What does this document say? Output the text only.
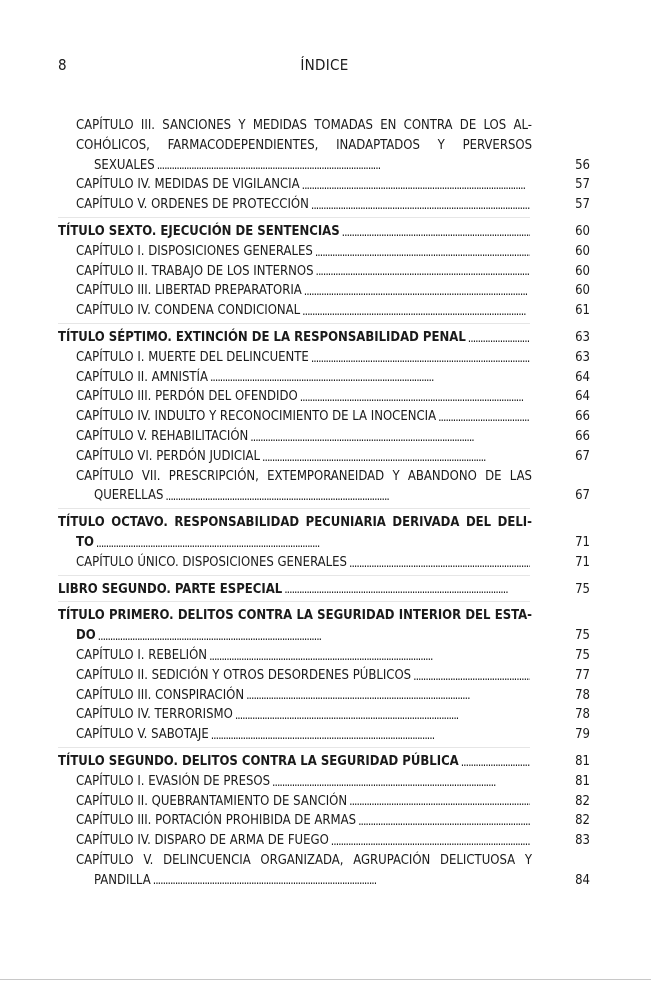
8	ÍNDICE
CAPÍTULO III. SANCIONES Y MEDIDAS TOMADAS EN CONTRA DE LOS AL-
COHÓLICOS, FARMACODEPENDIENTES, INADAPTADOS Y PERVERSOS
SEXUALES . . .	56
CAPÍTULO IV. MEDIDAS DE VIGILANCIA . . .	57
CAPÍTULO V. ORDENES DE PROTECCIÓN . . .	57
TÍTULO SEXTO. EJECUCIÓN DE SENTENCIAS . . .	60
CAPÍTULO I. DISPOSICIONES GENERALES . . .	60
CAPÍTULO II. TRABAJO DE LOS INTERNOS . . .	60
CAPÍTULO III. LIBERTAD PREPARATORIA . . .	60
CAPÍTULO IV. CONDENA CONDICIONAL . . .	61
TÍTULO SÉPTIMO. EXTINCIÓN DE LA RESPONSABILIDAD PENAL . . .	63
CAPÍTULO I. MUERTE DEL DELINCUENTE . . .	63
CAPÍTULO II. AMNISTÍA . . .	64
CAPÍTULO III. PERDÓN DEL OFENDIDO . . .	64
CAPÍTULO IV. INDULTO Y RECONOCIMIENTO DE LA INOCENCIA . . .	66
CAPÍTULO V. REHABILITACIÓN . . .	66
CAPÍTULO VI. PERDÓN JUDICIAL . . .	67
CAPÍTULO VII. PRESCRIPCIÓN, EXTEMPORANEIDAD Y ABANDONO DE LAS
QUERELLAS . . .	67
TÍTULO OCTAVO. RESPONSABILIDAD PECUNIARIA DERIVADA DEL DELI-
TO . . .	71
CAPÍTULO ÚNICO. DISPOSICIONES GENERALES . . .	71
LIBRO SEGUNDO. PARTE ESPECIAL . . .	75
TÍTULO PRIMERO. DELITOS CONTRA LA SEGURIDAD INTERIOR DEL ESTA-
DO . . .	75
CAPÍTULO I. REBELIÓN . . .	75
CAPÍTULO II. SEDICIÓN Y OTROS DESORDENES PÚBLICOS . . .	77
CAPÍTULO III. CONSPIRACIÓN . . .	78
CAPÍTULO IV. TERRORISMO . . .	78
CAPÍTULO V. SABOTAJE . . .	79
TÍTULO SEGUNDO. DELITOS CONTRA LA SEGURIDAD PÚBLICA . . .	81
CAPÍTULO I. EVASIÓN DE PRESOS . . .	81
CAPÍTULO II. QUEBRANTAMIENTO DE SANCIÓN . . .	82
CAPÍTULO III. PORTACIÓN PROHIBIDA DE ARMAS . . .	82
CAPÍTULO IV. DISPARO DE ARMA DE FUEGO . . .	83
CAPÍTULO V. DELINCUENCIA ORGANIZADA, AGRUPACIÓN DELICTUOSA Y
PANDILLA . . .	84
